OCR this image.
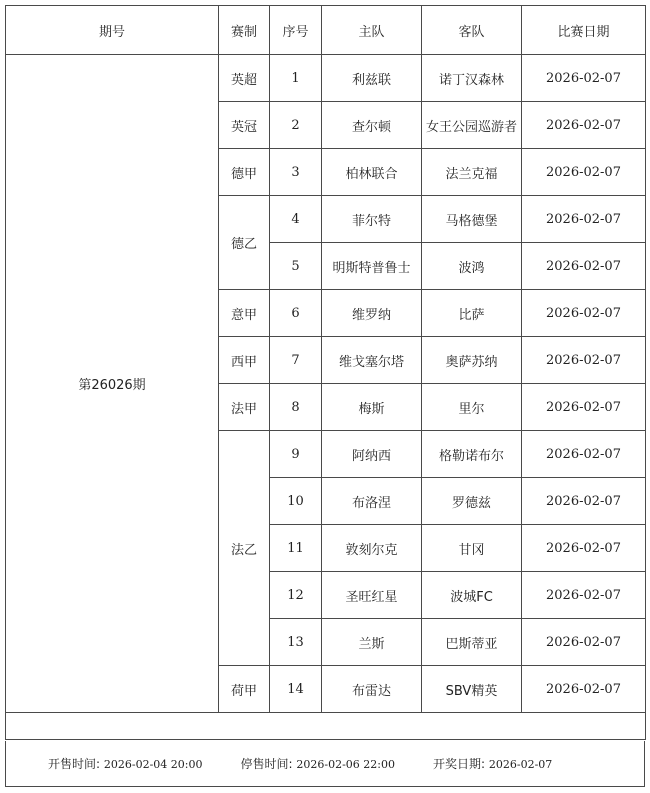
期号	赛制	序号	主队	客队	比赛日期
第26026期	英超	1	利兹联	诺丁汉森林	2026-02-07
	英冠	2	查尔顿	女王公园巡游者	2026-02-07
	德甲	3	柏林联合	法兰克福	2026-02-07
	德乙	4	菲尔特	马格德堡	2026-02-07
		5	明斯特普鲁士	波鸿	2026-02-07
	意甲	6	维罗纳	比萨	2026-02-07
	西甲	7	维戈塞尔塔	奥萨苏纳	2026-02-07
	法甲	8	梅斯	里尔	2026-02-07
	法乙	9	阿纳西	格勒诺布尔	2026-02-07
		10	布洛涅	罗德兹	2026-02-07
		11	敦刻尔克	甘冈	2026-02-07
		12	圣旺红星	波城FC	2026-02-07
		13	兰斯	巴斯蒂亚	2026-02-07
	荷甲	14	布雷达	SBV精英	2026-02-07

开售时间: 2026-02-04 20:00	停售时间: 2026-02-06 22:00	开奖日期: 2026-02-07
